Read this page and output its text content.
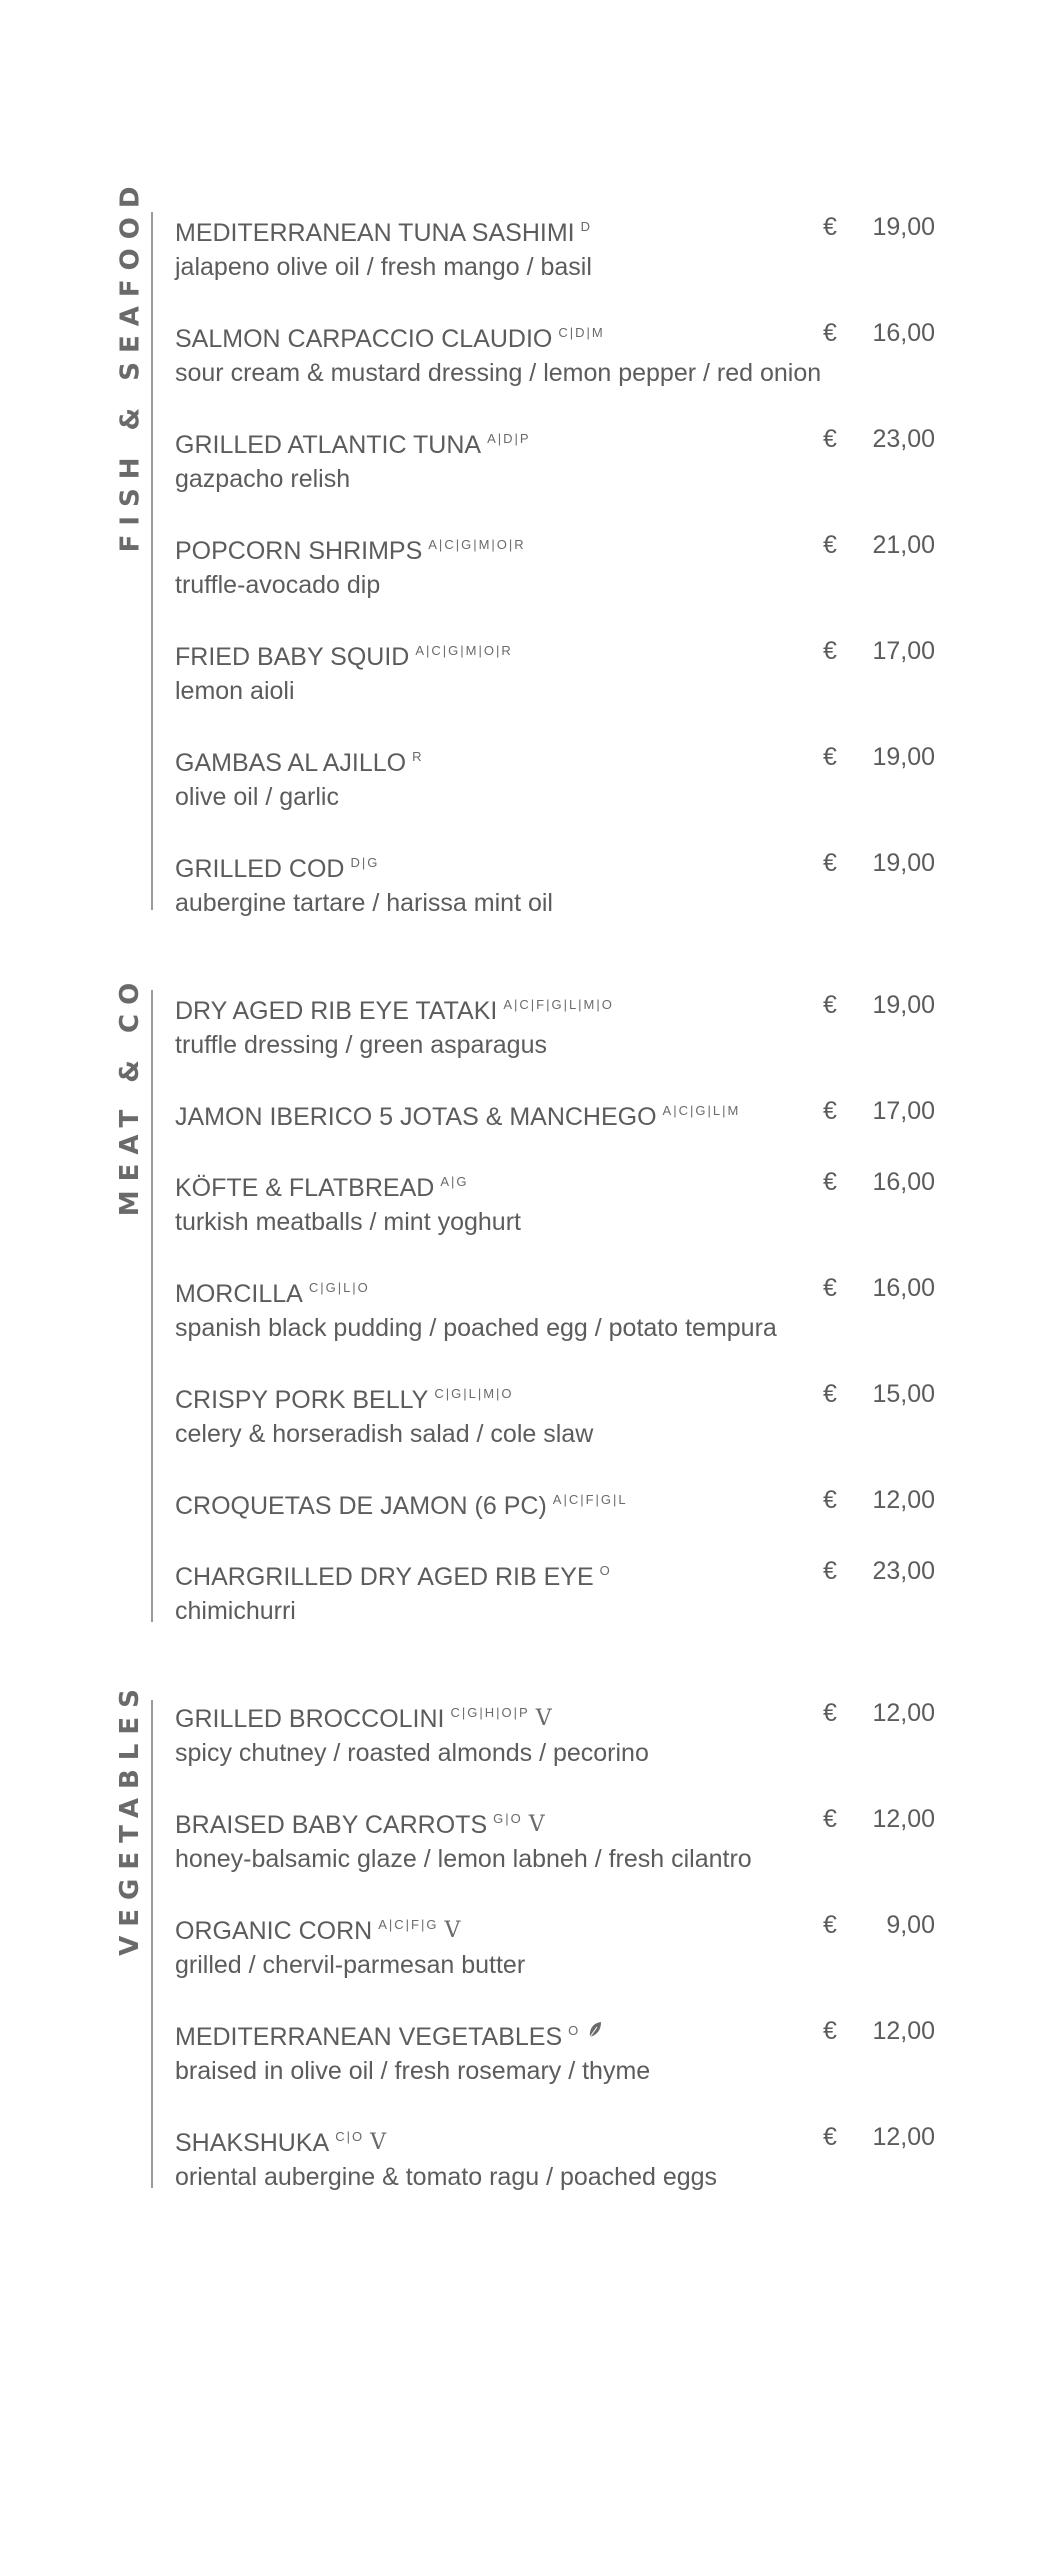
FISH & SEAFOOD MEDITERRANEAN TUNA SASHIMI $^D$
jalapeno olive oil / fresh mango / basil
€ 19,00
SALMON CARPACCIO CLAUDIO $^{C|D|M}$
sour cream & mustard dressing / lemon pepper / red onion
€ 16,00
GRILLED ATLANTIC TUNA $^{A|D|P}$
gazpacho relish
€ 23,00
POPCORN SHRIMPS $^{A|C|G|M|O|R}$
truffle-avocado dip
€ 21,00
FRIED BABY SQUID $^{A|C|G|M|O|R}$
lemon aioli
€ 17,00
GAMBAS AL AJILLO $^R$
olive oil / garlic
€ 19,00
GRILLED COD $^{D|G}$
aubergine tartare / harissa mint oil
€ 19,00
MEAT & CO DRY AGED RIB EYE TATAKI $^{A|C|F|G|L|M|O}$
truffle dressing / green asparagus
€ 19,00
JAMON IBERICO 5 JOTAS & MANCHEGO $^{A|C|G|L|M}$	€ 17,00
KÖFTE & FLATBREAD $^{A|G}$
turkish meatballs / mint yoghurt
€ 16,00
MORCILLA $^{C|G|L|O}$
spanish black pudding / poached egg / potato tempura
€ 16,00
CRISPY PORK BELLY $^{C|G|L|M|O}$
celery & horseradish salad / cole slaw
€ 15,00
CROQUETAS DE JAMON (6 PC) $^{A|C|F|G|L}$	€ 12,00
CHARGRILLED DRY AGED RIB EYE $^O$
chimichurri
€ 23,00
VEGETABLES GRILLED BROCCOLINI $^{C|G|H|O|P}$ V
spicy chutney / roasted almonds / pecorino
€ 12,00
BRAISED BABY CARROTS $^{G|O}$ V
honey-balsamic glaze / lemon labneh / fresh cilantro
€ 12,00
ORGANIC CORN $^{A|C|F|G}$ V
grilled / chervil-parmesan butter
€ 9,00
MEDITERRANEAN VEGETABLES $^O$
braised in olive oil / fresh rosemary / thyme
€ 12,00
SHAKSHUKA $^{C|O}$ V
oriental aubergine & tomato ragu / poached eggs
€ 12,00
